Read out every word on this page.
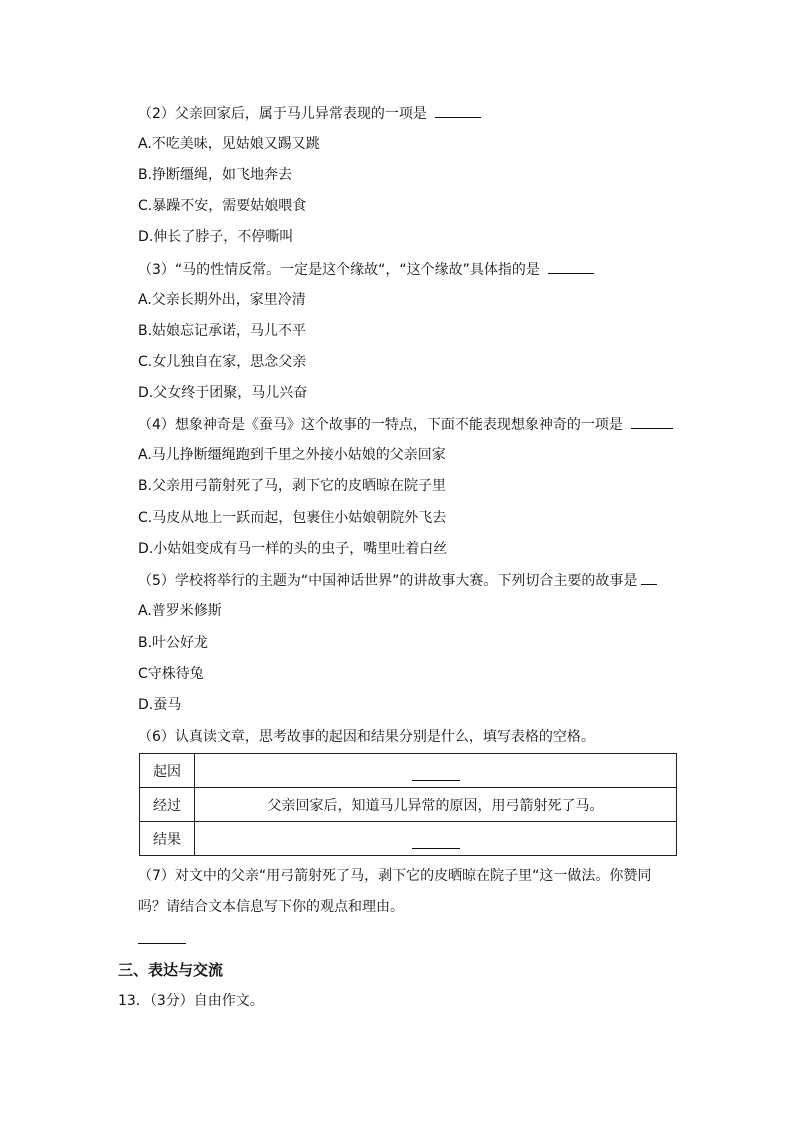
（2）父亲回家后，属于马儿异常表现的一项是
A.不吃美味，见姑娘又踢又跳
B.挣断缰绳，如飞地奔去
C.暴躁不安，需要姑娘喂食
D.伸长了脖子，不停嘶叫
（3）“马的性情反常。一定是这个缘故“，“这个缘故”具体指的是
A.父亲长期外出，家里冷清
B.姑娘忘记承诺，马儿不平
C.女儿独自在家，思念父亲
D.父女终于团聚，马儿兴奋
（4）想象神奇是《蚕马》这个故事的一特点，下面不能表现想象神奇的一项是
A.马儿挣断缰绳跑到千里之外接小姑娘的父亲回家
B.父亲用弓箭射死了马，剥下它的皮晒晾在院子里
C.马皮从地上一跃而起，包裹住小姑娘朝院外飞去
D.小姑姐变成有马一样的头的虫子，嘴里吐着白丝
（5）学校将举行的主题为“中国神话世界”的讲故事大赛。下列切合主要的故事是
A.普罗米修斯
B.叶公好龙
C守株待兔
D.蚕马
（6）认真读文章，思考故事的起因和结果分别是什么，填写表格的空格。
起因	
经过	父亲回家后，知道马儿异常的原因，用弓箭射死了马。
结果	
（7）对文中的父亲“用弓箭射死了马，剥下它的皮晒晾在院子里“这一做法。你赞同
吗？请结合文本信息写下你的观点和理由。
三、表达与交流
13．（3分）自由作文。
